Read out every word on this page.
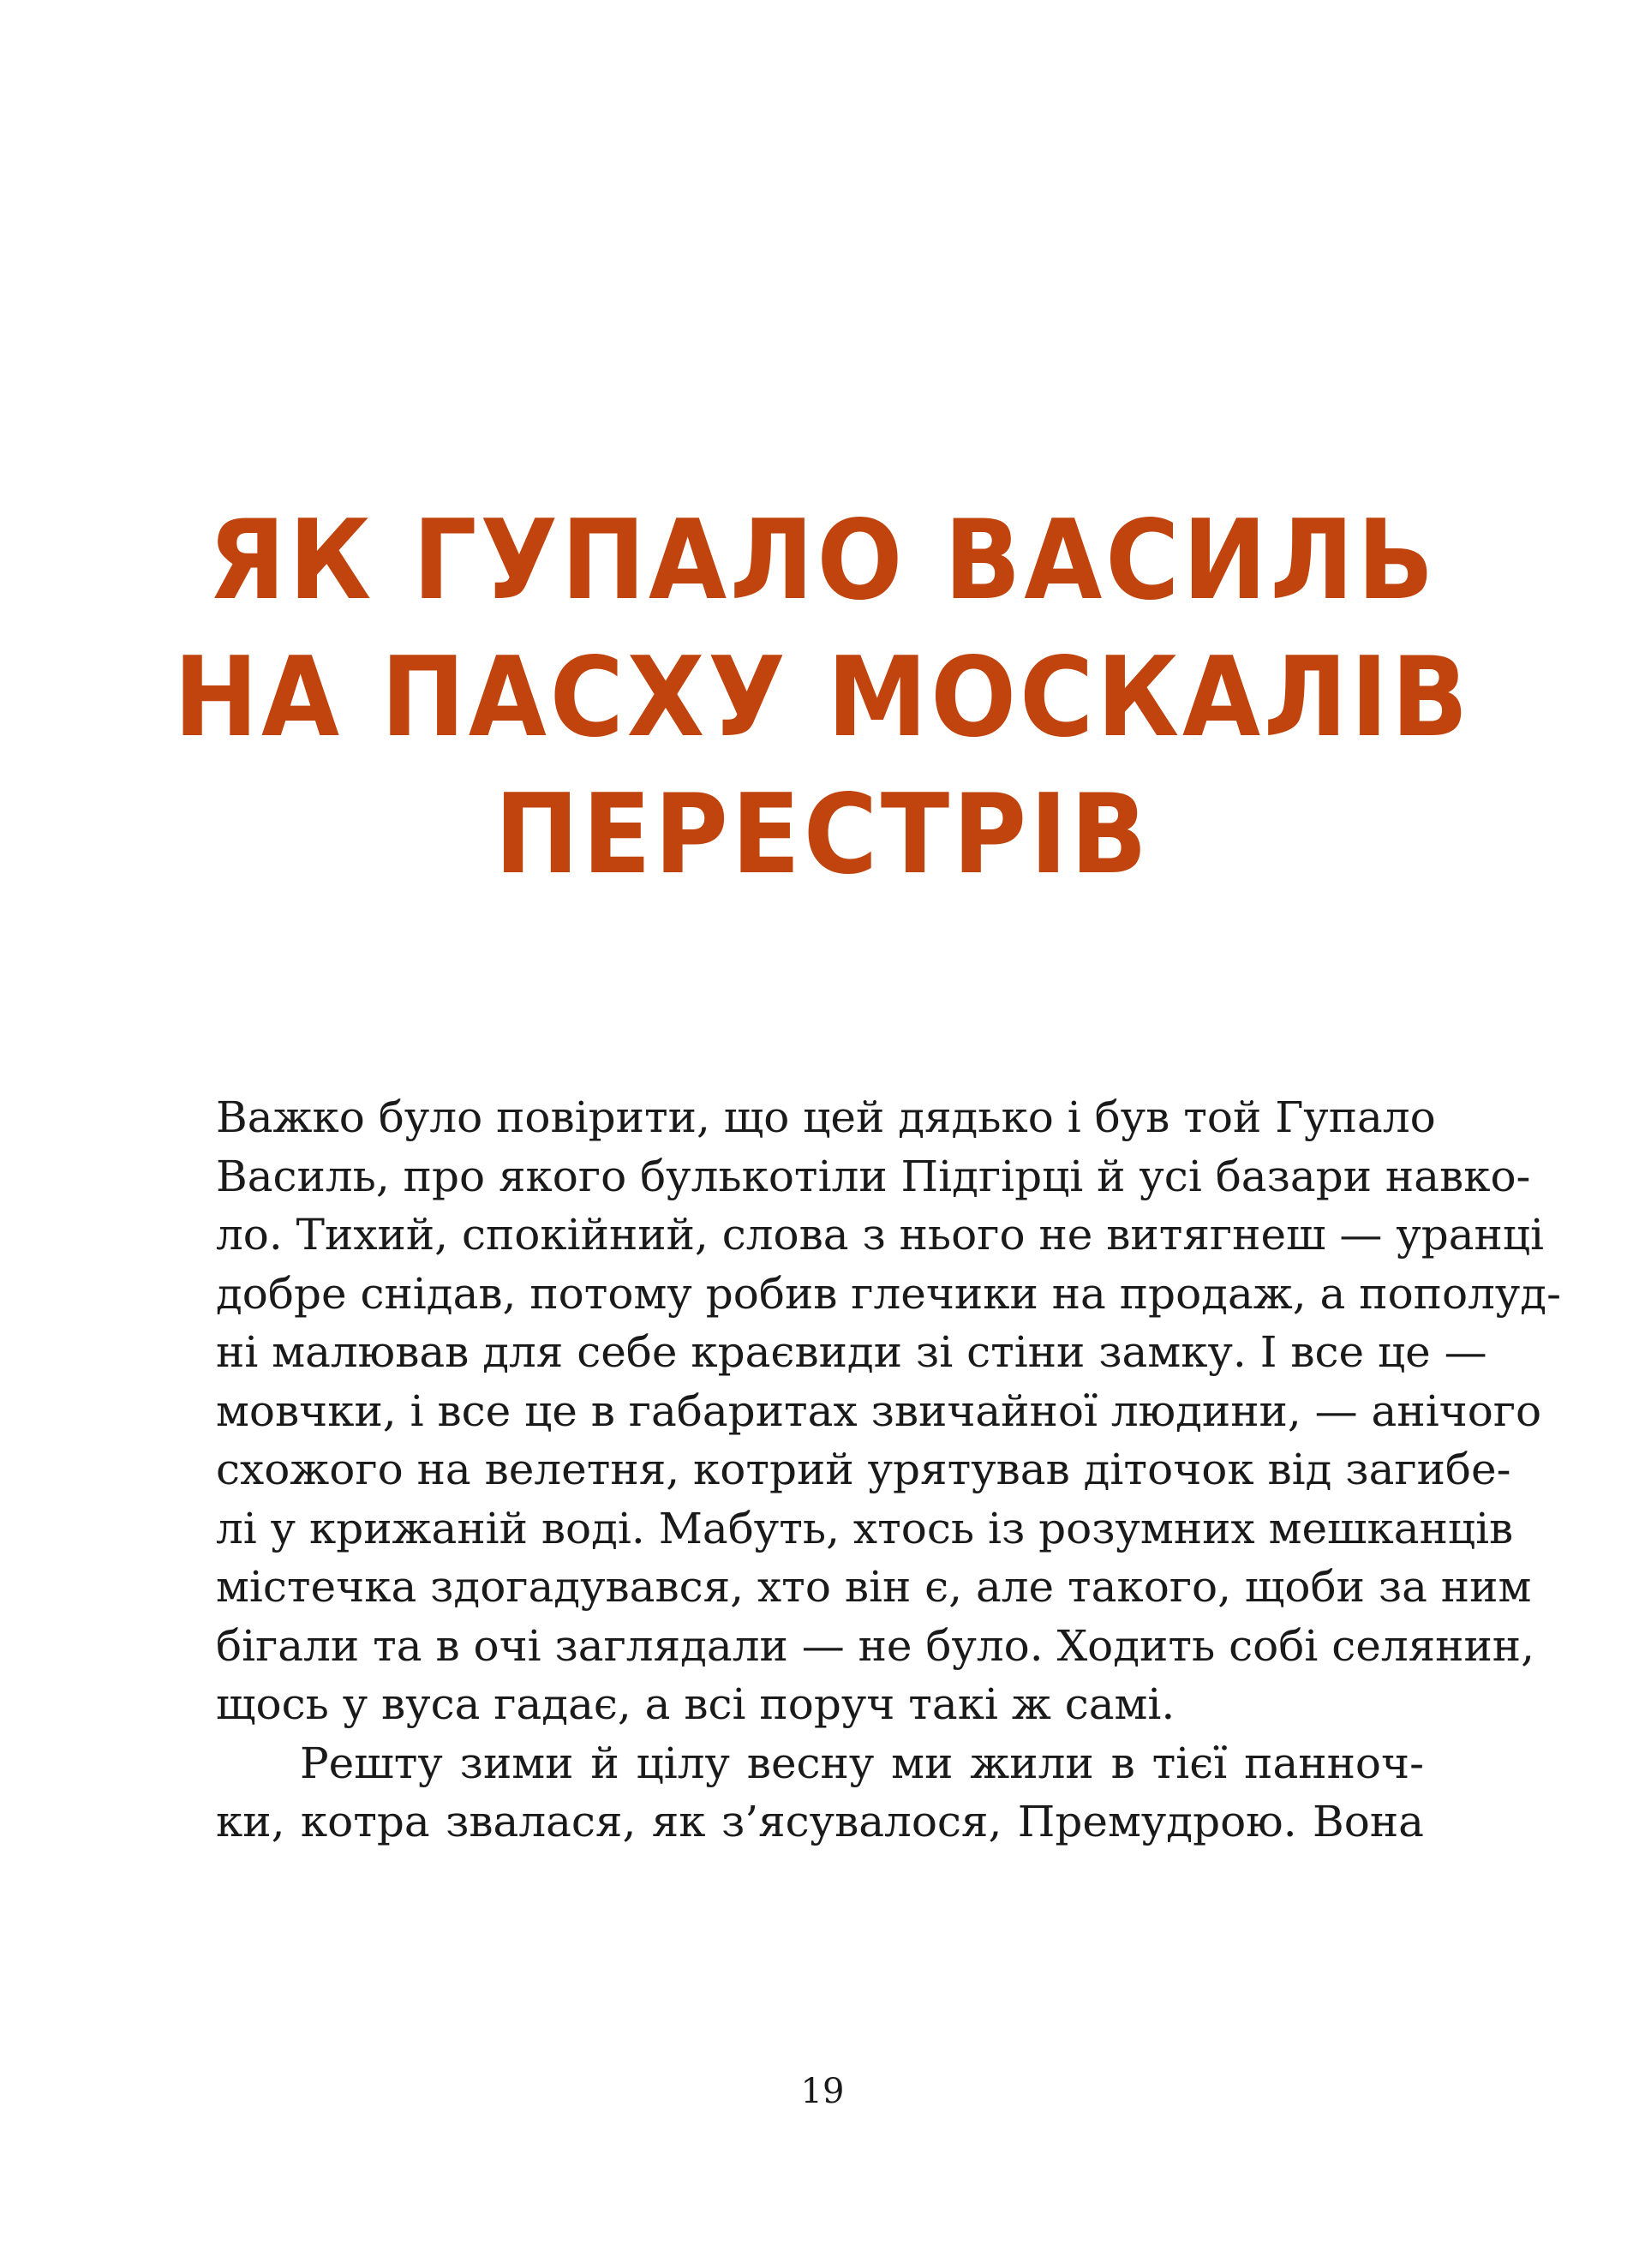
ЯК ГУПАЛО ВАСИЛЬ
НА ПАСХУ МОСКАЛІВ
ПЕРЕСТРІВ
Важко було повірити, що цей дядько і був той Гупало
Василь, про якого булькотіли Підгірці й усі базари навко-
ло. Тихий, спокійний, слова з нього не витягнеш — уранці
добре снідав, потому робив глечики на продаж, а пополуд-
ні малював для себе краєвиди зі стіни замку. І все це —
мовчки, і все це в габаритах звичайної людини, — анічого
схожого на велетня, котрий урятував діточок від загибе-
лі у крижаній воді. Мабуть, хтось із розумних мешканців
містечка здогадувався, хто він є, але такого, щоби за ним
бігали та в очі заглядали — не було. Ходить собі селянин,
щось у вуса гадає, а всі поруч такі ж самі.
Решту зими й цілу весну ми жили в тієї панноч-
ки, котра звалася, як з’ясувалося, Премудрою. Вона
19
